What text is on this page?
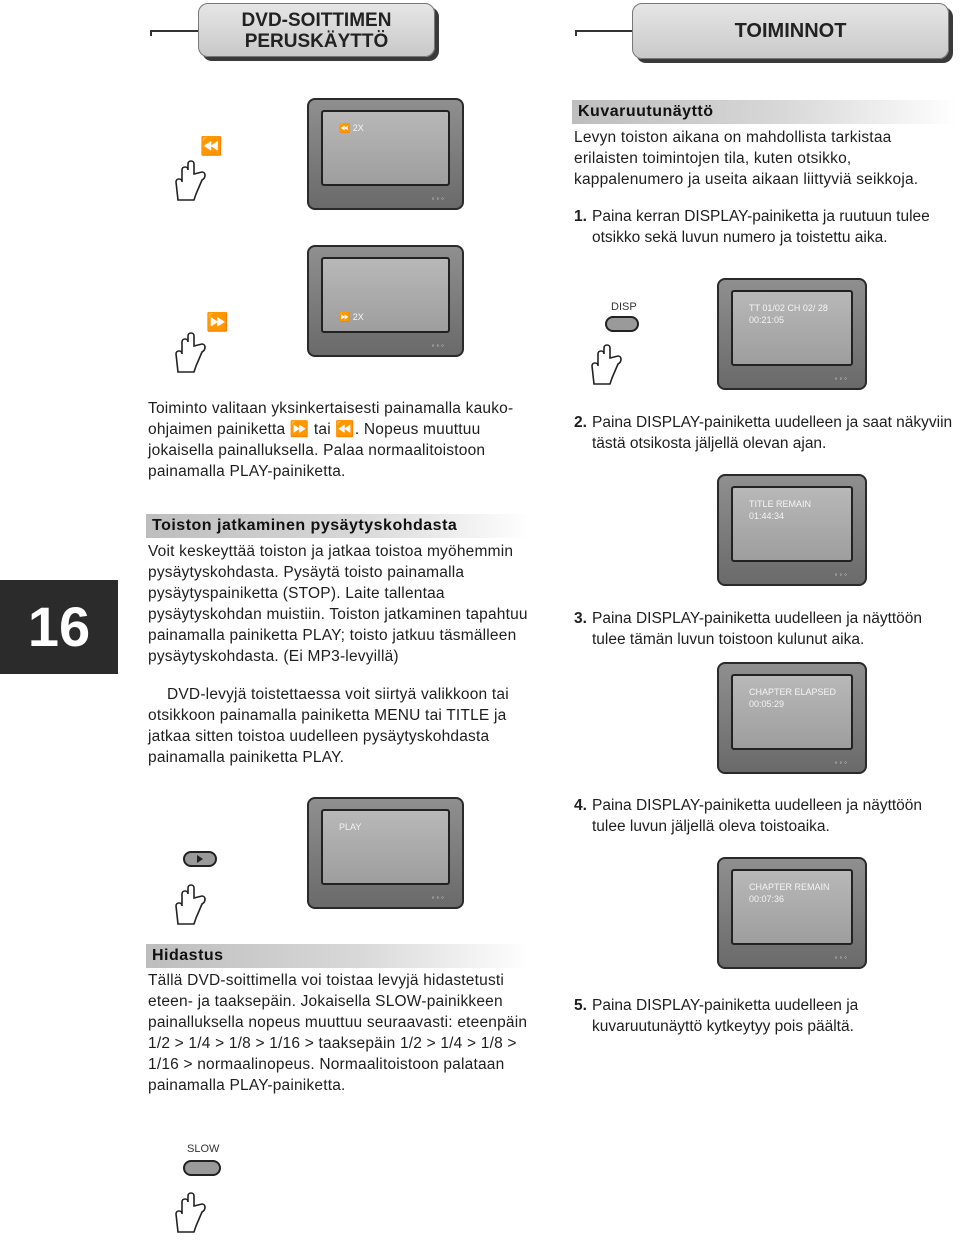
DVD-SOITTIMEN
PERUSKÄYTTÖ	TOIMINNOT
16
⏪ 2X
◦◦◦
⏪
⏩ 2X
◦◦◦
⏩
Toiminto valitaan yksinkertaisesti painamalla kauko-ohjaimen painiketta ⏩ tai ⏪. Nopeus muuttuu jokaisella painalluksella. Palaa normaalitoistoon painamalla PLAY-painiketta.
Toiston jatkaminen pysäytyskohdasta
Voit keskeyttää toiston ja jatkaa toistoa myöhemmin pysäytyskohdasta. Pysäytä toisto painamalla pysäytyspainiketta (STOP). Laite tallentaa pysäytyskohdan muistiin. Toiston jatkaminen tapahtuu painamalla painiketta PLAY; toisto jatkuu täsmälleen pysäytyskohdasta. (Ei MP3-levyillä)
DVD-levyjä toistettaessa voit siirtyä valikkoon tai otsikkoon painamalla painiketta MENU tai TITLE ja jatkaa sitten toistoa uudelleen pysäytyskohdasta painamalla painiketta PLAY.
PLAY
◦◦◦
Hidastus
Tällä DVD-soittimella voi toistaa levyjä hidastetusti eteen- ja taaksepäin. Jokaisella SLOW-painikkeen painalluksella nopeus muuttuu seuraavasti: eteenpäin 1/2 > 1/4 > 1/8 > 1/16 > taaksepäin 1/2 > 1/4 > 1/8 > 1/16 > normaalinopeus. Normaalitoistoon palataan painamalla PLAY-painiketta.
SLOW
Kuvaruutunäyttö
Levyn toiston aikana on mahdollista tarkistaa erilaisten toimintojen tila, kuten otsikko, kappalenumero ja useita aikaan liittyviä seikkoja.
1. Paina kerran DISPLAY-painiketta ja ruutuun tulee otsikko sekä luvun numero ja toistettu aika.
DISP	TT 01/02 CH 02/ 28
00:21:05
◦◦◦
2. Paina DISPLAY-painiketta uudelleen ja saat näkyviin tästä otsikosta jäljellä olevan ajan.
TITLE REMAIN
01:44:34
◦◦◦
3. Paina DISPLAY-painiketta uudelleen ja näyttöön tulee tämän luvun toistoon kulunut aika.
CHAPTER ELAPSED
00:05:29
◦◦◦
4. Paina DISPLAY-painiketta uudelleen ja näyttöön tulee luvun jäljellä oleva toistoaika.
CHAPTER REMAIN
00:07:36
◦◦◦
5. Paina DISPLAY-painiketta uudelleen ja kuvaruutunäyttö kytkeytyy pois päältä.
